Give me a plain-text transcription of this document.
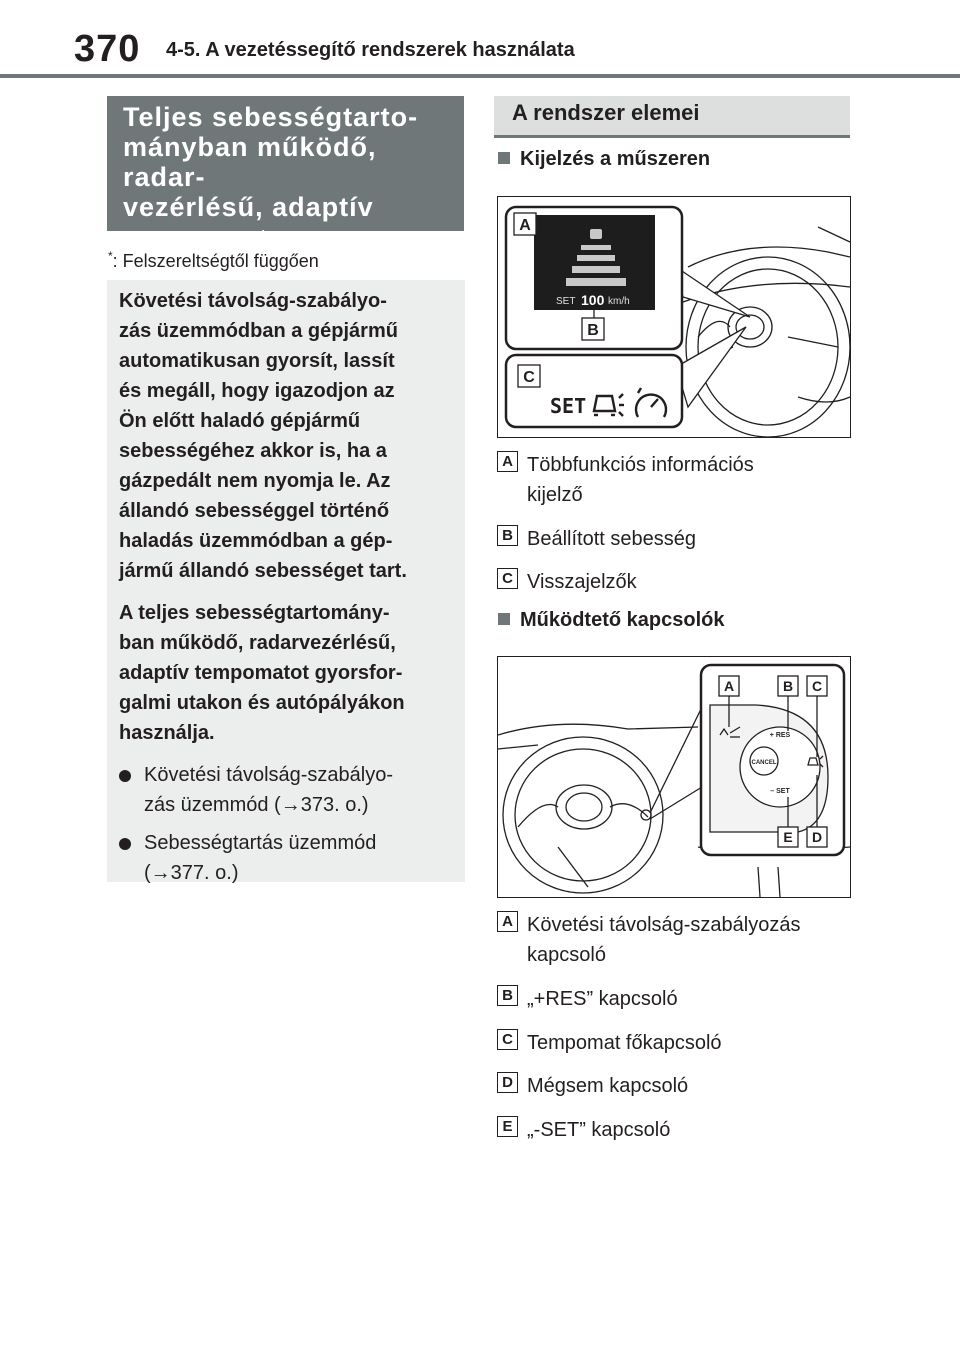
370 4-5. A vezetéssegítő rendszerek használata
Teljes sebességtarto-
mányban működő, radar-
vezérlésű, adaptív
tempomat*
*: Felszereltségtől függően
Követési távolság-szabályo-
zás üzemmódban a gépjármű
automatikusan gyorsít, lassít
és megáll, hogy igazodjon az
Ön előtt haladó gépjármű
sebességéhez akkor is, ha a
gázpedált nem nyomja le. Az
állandó sebességgel történő
haladás üzemmódban a gép-
jármű állandó sebességet tart.
A teljes sebességtartomány-
ban működő, radarvezérlésű,
adaptív tempomatot gyorsfor-
galmi utakon és autópályákon
használja.
Követési távolság-szabályo-
zás üzemmód (→373. o.)
Sebességtartás üzemmód
(→377. o.)
A rendszer elemei
Kijelzés a műszeren
A
SET 100 km/h
B
C
SET
A Többfunkciós információs
kijelző
B Beállított sebesség
C Visszajelzők
Működtető kapcsolók
CANCEL
+ RES
– SET
A	B C
E D
A Követési távolság-szabályozás
kapcsoló
B „+RES” kapcsoló
C Tempomat főkapcsoló
D Mégsem kapcsoló
E „-SET” kapcsoló
